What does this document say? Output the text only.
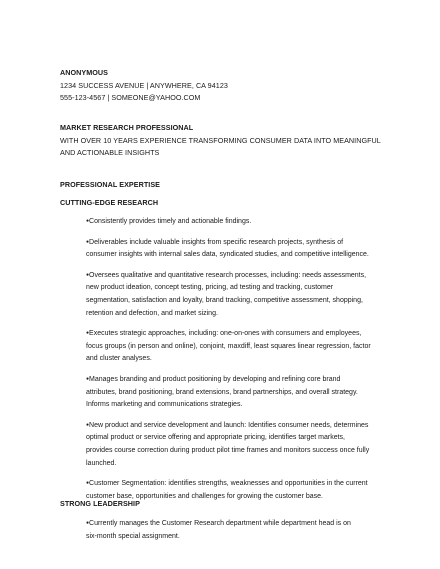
ANONYMOUS
1234 SUCCESS AVENUE | ANYWHERE, CA 94123
555-123-4567 | SOMEONE@YAHOO.COM
MARKET RESEARCH PROFESSIONAL
WITH OVER 10 YEARS EXPERIENCE TRANSFORMING CONSUMER DATA INTO MEANINGFUL
AND ACTIONABLE INSIGHTS
PROFESSIONAL EXPERTISE
CUTTING-EDGE RESEARCH
●Consistently provides timely and actionable findings.
●Deliverables include valuable insights from specific research projects, synthesis of
consumer insights with internal sales data, syndicated studies, and competitive intelligence.
●Oversees qualitative and quantitative research processes, including: needs assessments,
new product ideation, concept testing, pricing, ad testing and tracking, customer
segmentation, satisfaction and loyalty, brand tracking, competitive assessment, shopping,
retention and defection, and market sizing.
●Executes strategic approaches, including: one-on-ones with consumers and employees,
focus groups (in person and online), conjoint, maxdiff, least squares linear regression, factor
and cluster analyses.
●Manages branding and product positioning by developing and refining core brand
attributes, brand positioning, brand extensions, brand partnerships, and overall strategy.
Informs marketing and communications strategies.
●New product and service development and launch: Identifies consumer needs, determines
optimal product or service offering and appropriate pricing, identifies target markets,
provides course correction during product pilot time frames and monitors success once fully
launched.
●Customer Segmentation: identifies strengths, weaknesses and opportunities in the current
customer base, opportunities and challenges for growing the customer base.
STRONG LEADERSHIP
●Currently manages the Customer Research department while department head is on
six-month special assignment.
